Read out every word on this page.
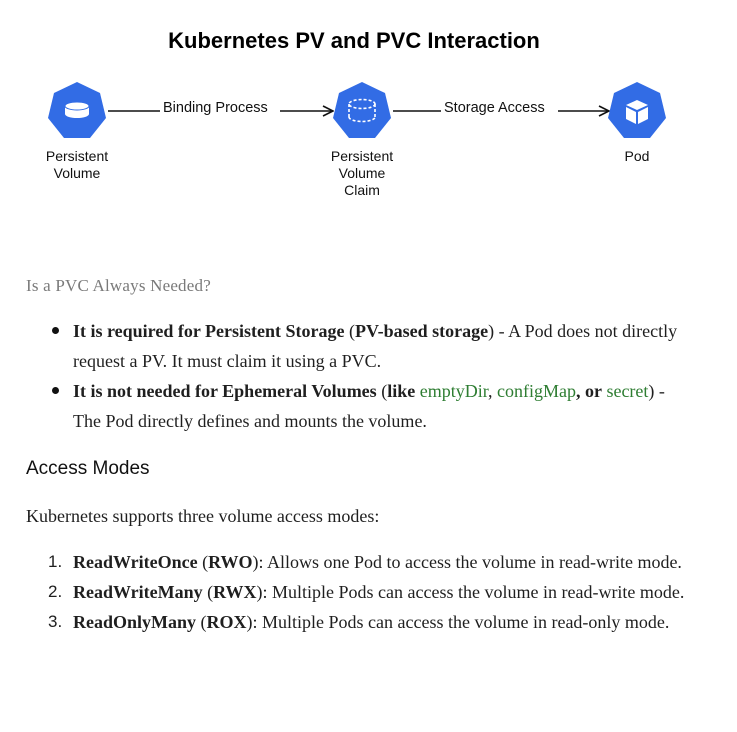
Kubernetes PV and PVC Interaction
Binding Process	Storage Access
Persistent
Volume
Persistent
Volume
Claim
Pod
Is a PVC Always Needed?
It is required for Persistent Storage (PV-based storage) - A Pod does not directly request a PV. It must claim it using a PVC.
It is not needed for Ephemeral Volumes (like emptyDir, configMap, or secret) - The Pod directly defines and mounts the volume.
Access Modes
Kubernetes supports three volume access modes:
1. ReadWriteOnce (RWO): Allows one Pod to access the volume in read-write mode.
2. ReadWriteMany (RWX): Multiple Pods can access the volume in read-write mode.
3. ReadOnlyMany (ROX): Multiple Pods can access the volume in read-only mode.
